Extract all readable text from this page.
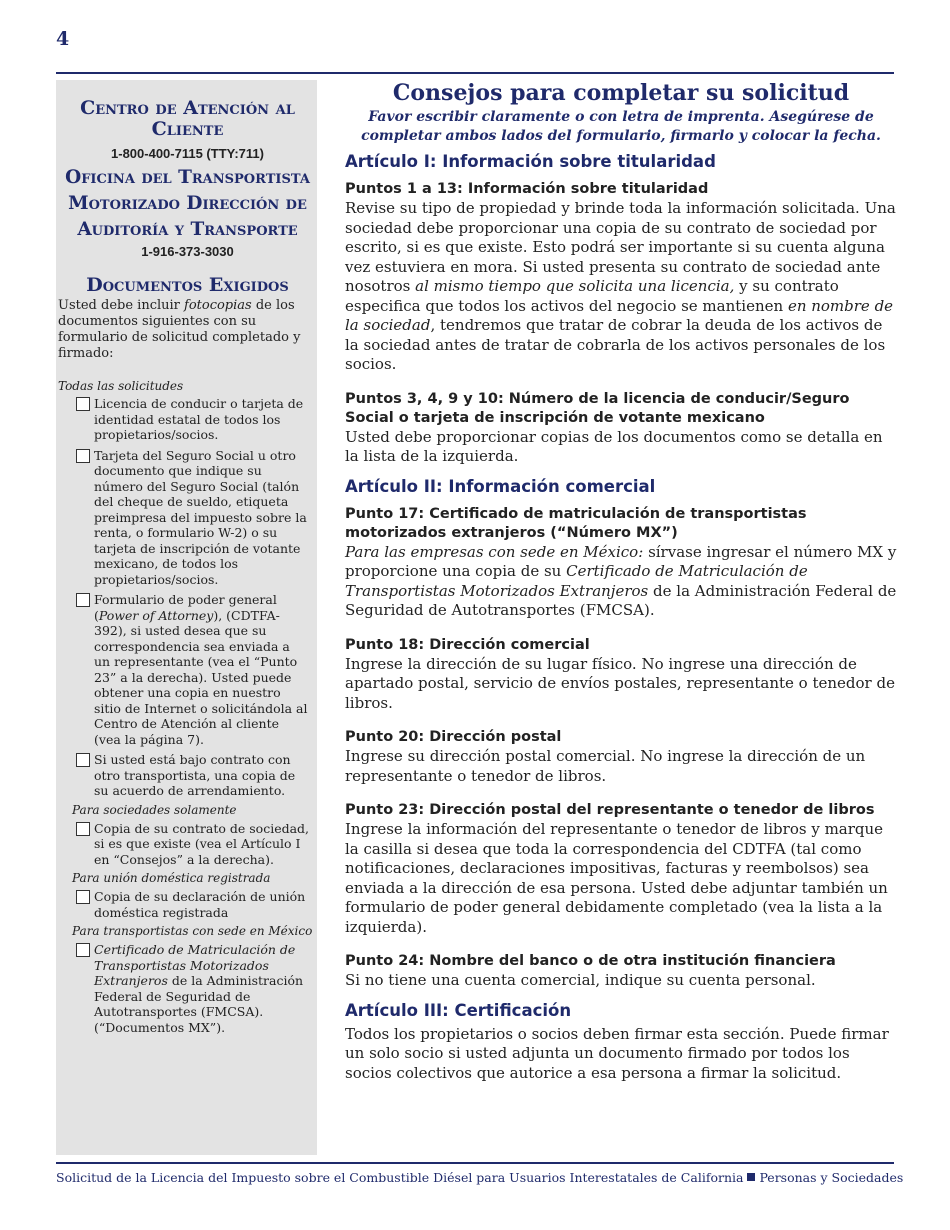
4
Centro de Atención al Cliente
1-800-400-7115 (TTY:711)
Oficina del Transportista Motorizado Dirección de Auditoría y Transporte
1-916-373-3030
Documentos Exigidos
Usted debe incluir fotocopias de los documentos siguientes con su formulario de solicitud completado y firmado:
Todas las solicitudes
Licencia de conducir o tarjeta de identidad estatal de todos los propietarios/socios.
Tarjeta del Seguro Social u otro documento que indique su número del Seguro Social (talón del cheque de sueldo, etiqueta preimpresa del impuesto sobre la renta, o formulario W-2) o su tarjeta de inscripción de votante mexicano, de todos los propietarios/socios.
Formulario de poder general (Power of Attorney), (CDTFA-392), si usted desea que su correspondencia sea enviada a un representante (vea el “Punto 23” a la derecha). Usted puede obtener una copia en nuestro sitio de Internet o solicitándola al Centro de Atención al cliente (vea la página 7).
Si usted está bajo contrato con otro transportista, una copia de su acuerdo de arrendamiento.
Para sociedades solamente
Copia de su contrato de sociedad, si es que existe (vea el Artículo I en “Consejos” a la derecha).
Para unión doméstica registrada
Copia de su declaración de unión doméstica registrada
Para transportistas con sede en México
Certificado de Matriculación de Transportistas Motorizados Extranjeros de la Administración Federal de Seguridad de Autotransportes (FMCSA). (“Documentos MX”).
Consejos para completar su solicitud
Favor escribir claramente o con letra de imprenta. Asegúrese de
completar ambos lados del formulario, firmarlo y colocar la fecha.
Artículo I: Información sobre titularidad
Puntos 1 a 13: Información sobre titularidad
Revise su tipo de propiedad y brinde toda la información solicitada. Una sociedad debe proporcionar una copia de su contrato de sociedad por escrito, si es que existe. Esto podrá ser importante si su cuenta alguna vez estuviera en mora. Si usted presenta su contrato de sociedad ante nosotros al mismo tiempo que solicita una licencia, y su contrato especifica que todos los activos del negocio se mantienen en nombre de la sociedad, tendremos que tratar de cobrar la deuda de los activos de la sociedad antes de tratar de cobrarla de los activos personales de los socios.
Puntos 3, 4, 9 y 10: Número de la licencia de conducir/Seguro Social o tarjeta de inscripción de votante mexicano
Usted debe proporcionar copias de los documentos como se detalla en la lista de la izquierda.
Artículo II: Información comercial
Punto 17: Certificado de matriculación de transportistas motorizados extranjeros (“Número MX”)
Para las empresas con sede en México: sírvase ingresar el número MX y proporcione una copia de su Certificado de Matriculación de Transportistas Motorizados Extranjeros de la Administración Federal de Seguridad de Autotransportes (FMCSA).
Punto 18: Dirección comercial
Ingrese la dirección de su lugar físico. No ingrese una dirección de apartado postal, servicio de envíos postales, representante o tenedor de libros.
Punto 20: Dirección postal
Ingrese su dirección postal comercial. No ingrese la dirección de un representante o tenedor de libros.
Punto 23: Dirección postal del representante o tenedor de libros
Ingrese la información del representante o tenedor de libros y marque la casilla si desea que toda la correspondencia del CDTFA (tal como notificaciones, declaraciones impositivas, facturas y reembolsos) sea enviada a la dirección de esa persona. Usted debe adjuntar también un formulario de poder general debidamente completado (vea la lista a la izquierda).
Punto 24: Nombre del banco o de otra institución financiera
Si no tiene una cuenta comercial, indique su cuenta personal.
Artículo III: Certificación
Todos los propietarios o socios deben firmar esta sección. Puede firmar un solo socio si usted adjunta un documento firmado por todos los socios colectivos que autorice a esa persona a firmar la solicitud.
Solicitud de la Licencia del Impuesto sobre el Combustible Diésel para Usuarios Interestatales de California Personas y Sociedades
